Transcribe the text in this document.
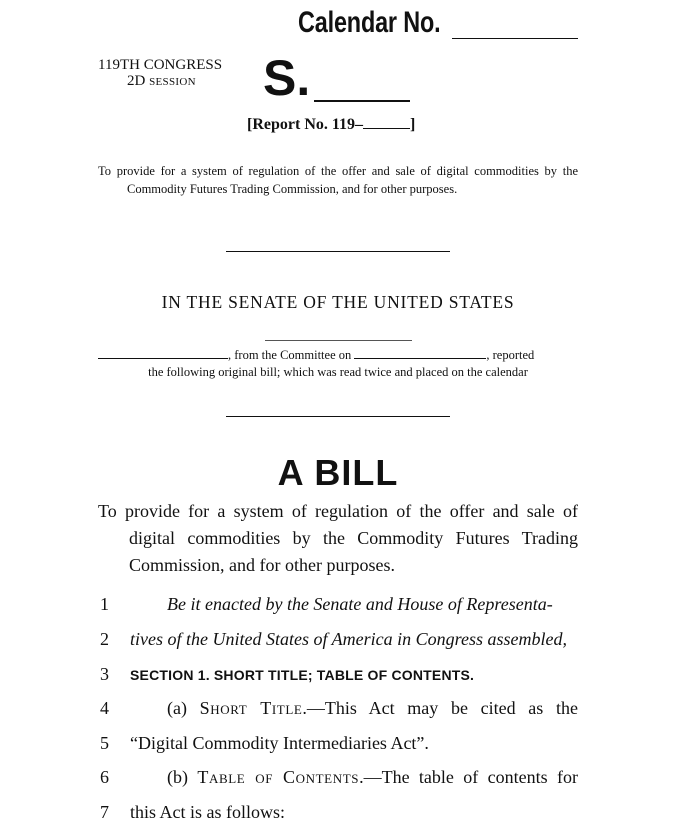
Calendar No.
119TH CONGRESS
2D SESSION S.
[Report No. 119–	]
To provide for a system of regulation of the offer and sale of digital commodities by the Commodity Futures Trading Commission, and for other purposes.
IN THE SENATE OF THE UNITED STATES
, from the Committee on	, reported
the following original bill; which was read twice and placed on the calendar
A BILL
To provide for a system of regulation of the offer and sale of digital commodities by the Commodity Futures Trading Commission, and for other purposes.
1	Be it enacted by the Senate and House of Representa-
2	tives of the United States of America in Congress assembled,
3	SECTION 1. SHORT TITLE; TABLE OF CONTENTS.
4	(a) Short Title.—This Act may be cited as the
5	“Digital Commodity Intermediaries Act”.
6	(b) Table of Contents.—The table of contents for
7	this Act is as follows:
